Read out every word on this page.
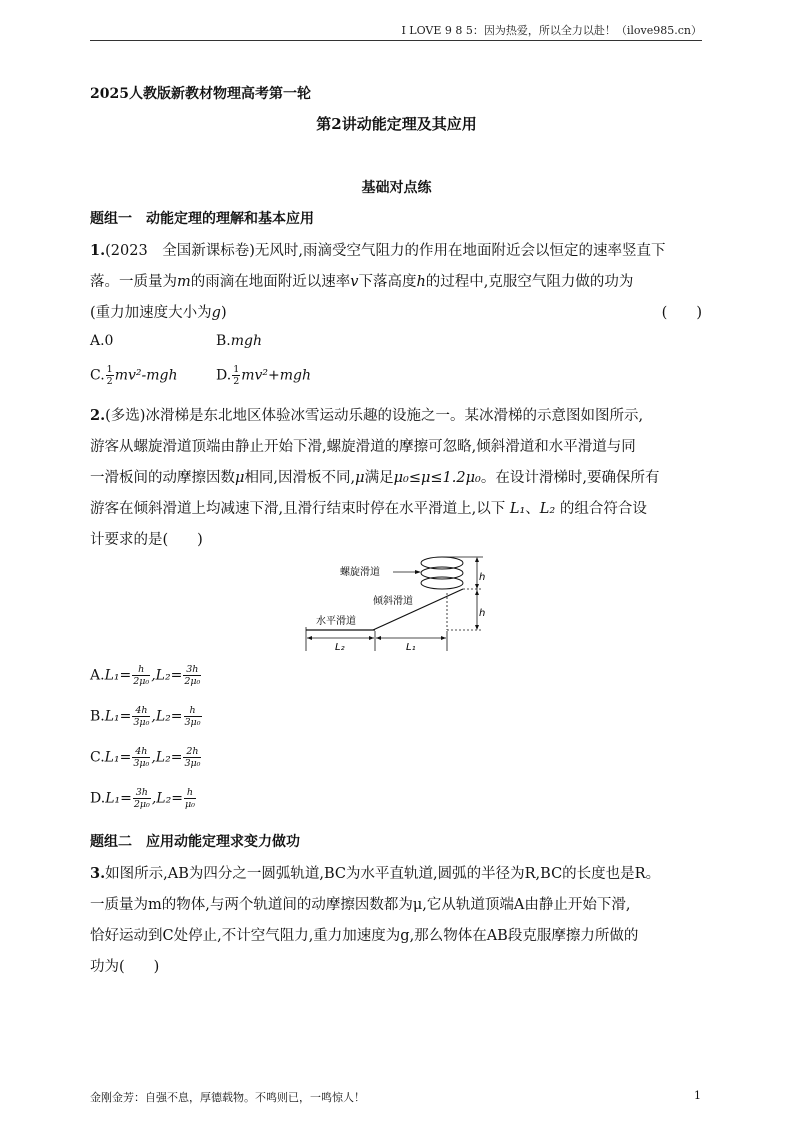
I LOVE 9 8 5：因为热爱，所以全力以赴！（ilove985.cn）
2025人教版新教材物理高考第一轮
第2讲动能定理及其应用
基础对点练
题组一　动能定理的理解和基本应用
1.(2023　全国新课标卷)无风时,雨滴受空气阻力的作用在地面附近会以恒定的速率竖直下
落。一质量为m的雨滴在地面附近以速率v下落高度h的过程中,克服空气阻力做的功为
(重力加速度大小为g)	(　　)
A.0	B.mgh
C. $\frac{1}{2} mv^2-mgh$	D. $\frac{1}{2} mv^2+mgh$
2.(多选)冰滑梯是东北地区体验冰雪运动乐趣的设施之一。某冰滑梯的示意图如图所示,
游客从螺旋滑道顶端由静止开始下滑,螺旋滑道的摩擦可忽略,倾斜滑道和水平滑道与同
一滑板间的动摩擦因数μ相同,因滑板不同,μ满足μ₀≤μ≤1.2μ₀。在设计滑梯时,要确保所有
游客在倾斜滑道上均减速下滑,且滑行结束时停在水平滑道上,以下 L₁、L₂ 的组合符合设
计要求的是(　　)
h
h
螺旋滑道
倾斜滑道
水平滑道
L₂	L₁
$A.L_1= \frac{h}{\text{2μ₀}} ,L_2= \frac{3h}{\text{2μ₀}}$
$B.L_1= \frac{4h}{\text{3μ₀}} ,L_2= \frac{h}{\text{3μ₀}}$
$C.L_1= \frac{4h}{\text{3μ₀}} ,L_2= \frac{2h}{\text{3μ₀}}$
$D.L_1= \frac{3h}{\text{2μ₀}} ,L_2= \frac{h}{\text{μ₀}}$
题组二　应用动能定理求变力做功
3.如图所示,AB为四分之一圆弧轨道,BC为水平直轨道,圆弧的半径为R,BC的长度也是R。
一质量为m的物体,与两个轨道间的动摩擦因数都为μ,它从轨道顶端A由静止开始下滑,
恰好运动到C处停止,不计空气阻力,重力加速度为g,那么物体在AB段克服摩擦力所做的
功为(　　)
金刚金芳：自强不息，厚德载物。不鸣则已，一鸣惊人！	1
